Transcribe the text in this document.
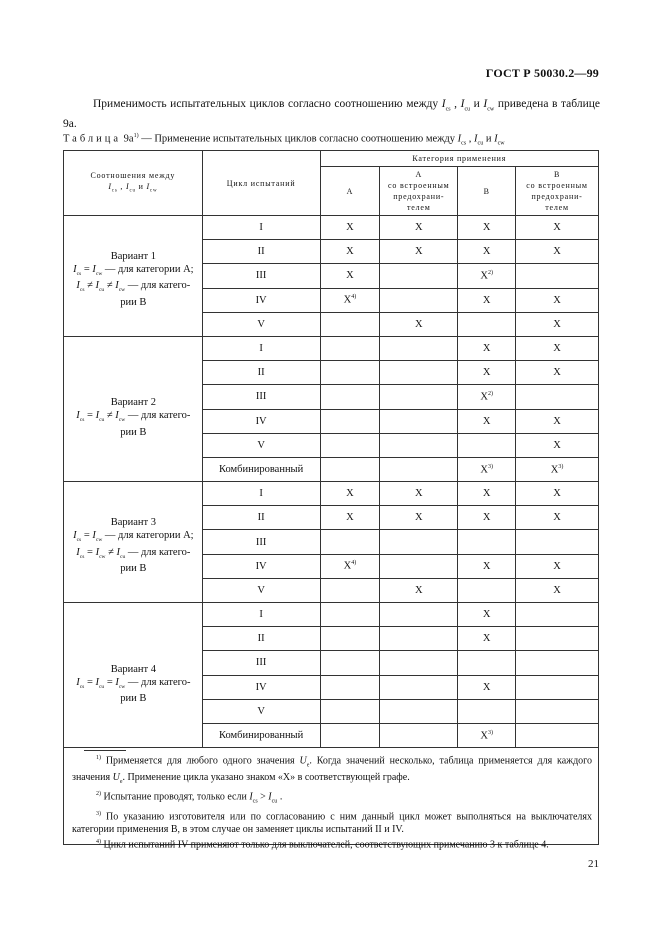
ГОСТ Р 50030.2—99

Применимость испытательных циклов согласно соотношению между $I_{cs}$ , $I_{cu}$ и $I_{cw}$ приведена в таблице 9а.

Таблица $9а^{1)}$ — Применение испытательных циклов согласно соотношению между $I_{cs}$ , $I_{cu}$ и $I_{cw}$
Соотношения между
$I_{cs}$ , $I_{cu}$ и $I_{cw}$	Цикл испытаний	Категория применения			
		А	А
со встроенным
предохрани-
телем	В	В
со встроенным
предохрани-
телем

Вариант 1
$I_{cs} = I_{cw}$ — для категории А;
$I_{cs} \ne I_{cu} \ne I_{cw}$ — для катего-
рии В	I	X	X	X	X
	II	X	X	X	X
	III	X		X$^{2)}$	
	IV	X$^{4)}$		X	X
	V		X		X

Вариант 2
$I_{cs} = I_{cu} \ne I_{cw}$ — для катего-
рии В	I			X	X
	II			X	X
	III			X$^{2)}$	
	IV			X	X
	V				X
	Комбинированный			X$^{3)}$	X$^{3)}$

Вариант 3
$I_{cs} = I_{cw}$ — для категории А;
$I_{cs} = I_{cw} \ne I_{cu}$ — для катего-
рии В	I	X	X	X	X
	II	X	X	X	X
	III				
	IV	X$^{4)}$		X	X
	V		X		X

Вариант 4
$I_{cs} = I_{cu} = I_{cw}$ — для катего-
рии В	I			X	
	II			X	
	III				
	IV			X	
	V				
	Комбинированный			X$^{3)}$	

$^{1)}$ Применяется для любого одного значения $U_e$. Когда значений несколько, таблица применяется для каждого значения $U_e$. Применение цикла указано знаком «Х» в соответствующей графе.

$^{2)}$ Испытание проводят, только если $I_{cs} > I_{cu}$ .

$^{3)}$ По указанию изготовителя или по согласованию с ним данный цикл может выполняться на выключателях категории применения В, в этом случае он заменяет циклы испытаний II и IV.

$^{4)}$ Цикл испытаний IV применяют только для выключателей, соответствующих примечанию 3 к таблице 4.

21
